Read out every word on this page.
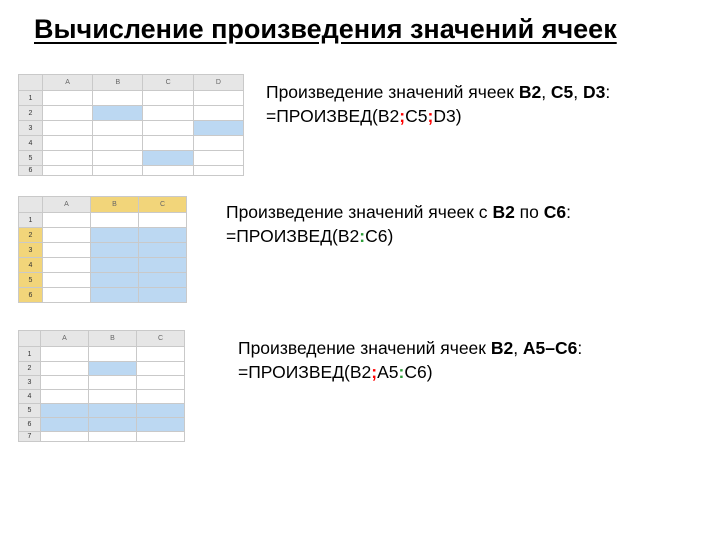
Вычисление произведения значений ячеек
	A	B	C	D
1				
2				
3				
4				
5				
6				
Произведение значений ячеек B2, C5, D3:
=ПРОИЗВЕД(B2;C5;D3)
	A	B	C
1			
2			
3			
4			
5			
6			
Произведение значений ячеек с B2 по C6:
=ПРОИЗВЕД(B2:C6)
	A	B	C
1			
2			
3			
4			
5			
6			
7			
Произведение значений ячеек B2, A5–C6:
=ПРОИЗВЕД(B2;A5:C6)
